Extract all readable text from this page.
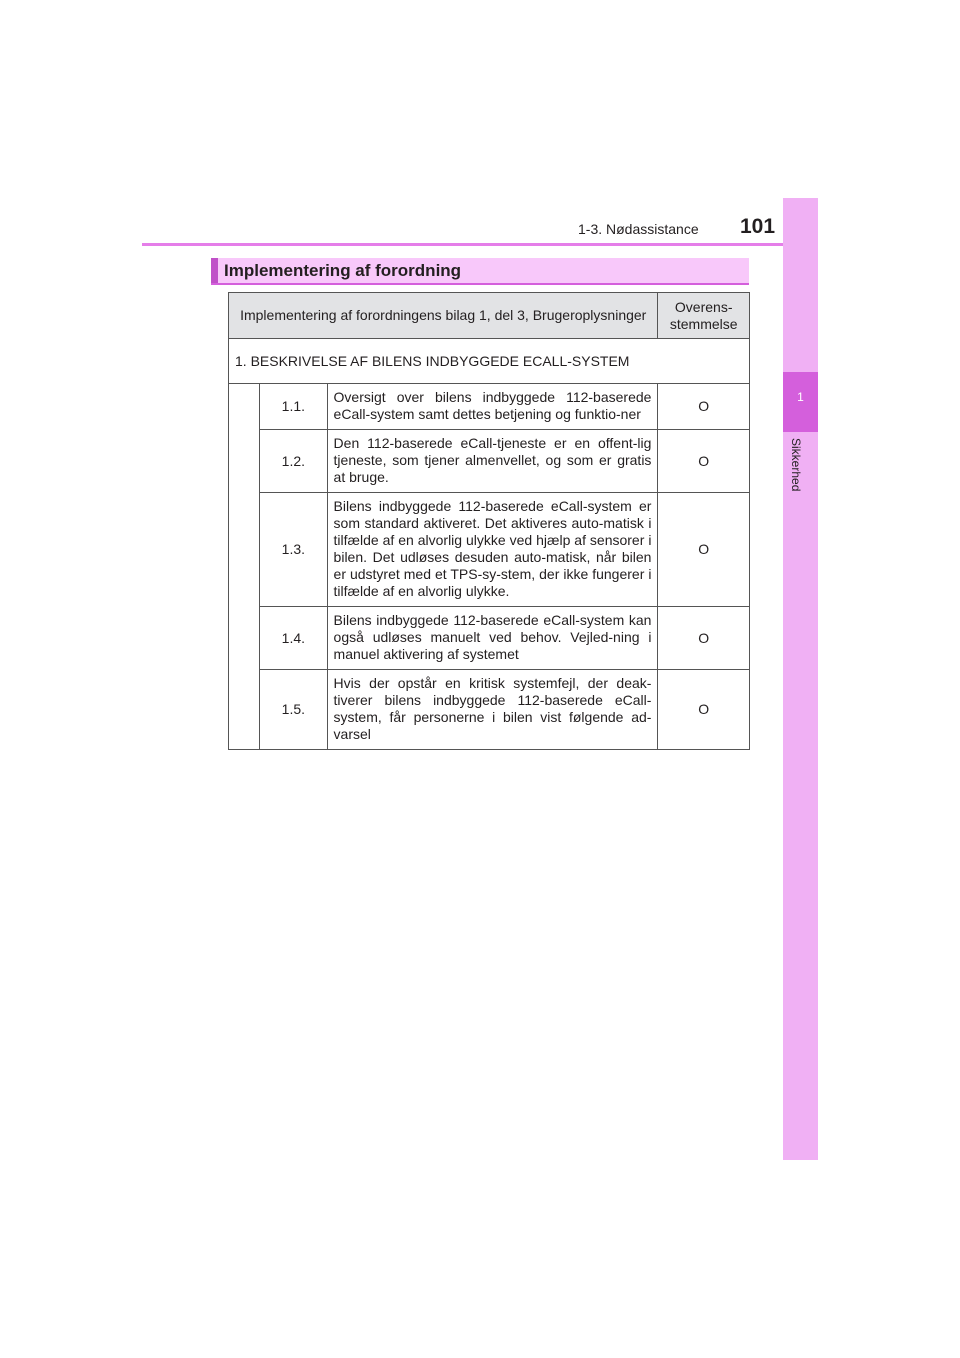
1-3. Nødassistance 101
1
Sikkerhed
Implementering af forordning
Implementering af forordningens bilag 1, del 3, Brugeroplysninger			Overens-
stemmelse
1. BESKRIVELSE AF BILENS INDBYGGEDE ECALL-SYSTEM			
	1.1.	Oversigt over bilens indbyggede 112-baserede eCall-system samt dettes betjening og funktio-ner	O
	1.2.	Den 112-baserede eCall-tjeneste er en offent-lig tjeneste, som tjener almenvellet, og som er gratis at bruge.	O
	1.3.	Bilens indbyggede 112-baserede eCall-system er som standard aktiveret. Det aktiveres auto-matisk i tilfælde af en alvorlig ulykke ved hjælp af sensorer i bilen. Det udløses desuden auto-matisk, når bilen er udstyret med et TPS-sy-stem, der ikke fungerer i tilfælde af en alvorlig ulykke.	O
	1.4.	Bilens indbyggede 112-baserede eCall-system kan også udløses manuelt ved behov. Vejled-ning i manuel aktivering af systemet	O
	1.5.	Hvis der opstår en kritisk systemfejl, der deak-tiverer bilens indbyggede 112-baserede eCall-system, får personerne i bilen vist følgende ad-varsel	O
